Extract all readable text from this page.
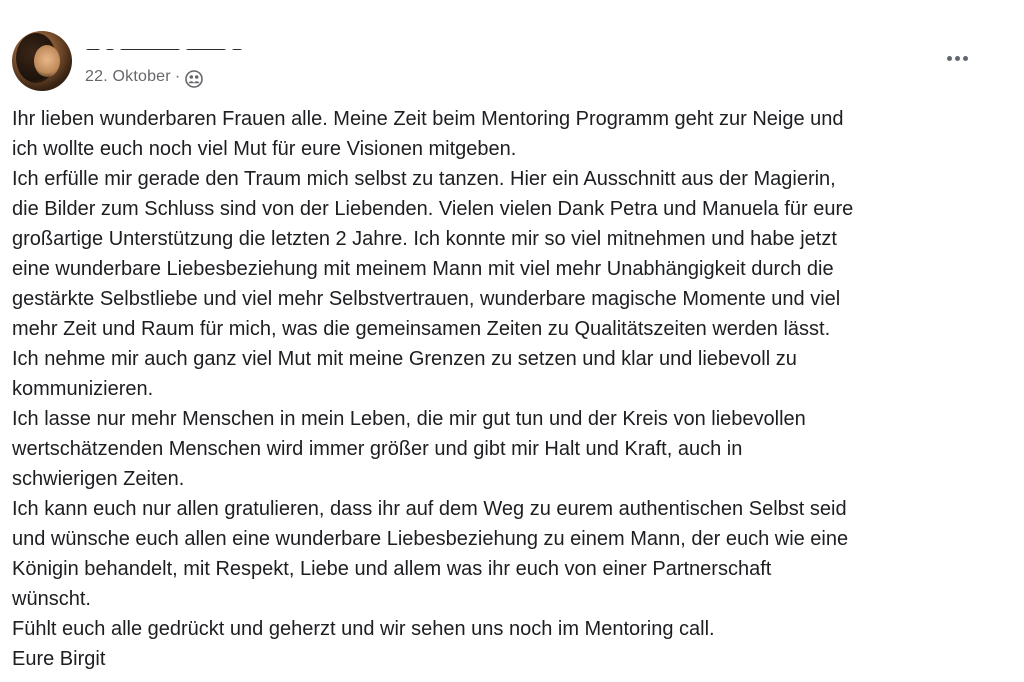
22. Oktober ·

Ihr lieben wunderbaren Frauen alle. Meine Zeit beim Mentoring Programm geht zur Neige und

ich wollte euch noch viel Mut für eure Visionen mitgeben.

Ich erfülle mir gerade den Traum mich selbst zu tanzen. Hier ein Ausschnitt aus der Magierin,

die Bilder zum Schluss sind von der Liebenden. Vielen vielen Dank Petra und Manuela für eure

großartige Unterstützung die letzten 2 Jahre. Ich konnte mir so viel mitnehmen und habe jetzt

eine wunderbare Liebesbeziehung mit meinem Mann mit viel mehr Unabhängigkeit durch die

gestärkte Selbstliebe und viel mehr Selbstvertrauen, wunderbare magische Momente und viel

mehr Zeit und Raum für mich, was die gemeinsamen Zeiten zu Qualitätszeiten werden lässt.

Ich nehme mir auch ganz viel Mut mit meine Grenzen zu setzen und klar und liebevoll zu

kommunizieren.

Ich lasse nur mehr Menschen in mein Leben, die mir gut tun und der Kreis von liebevollen

wertschätzenden Menschen wird immer größer und gibt mir Halt und Kraft, auch in

schwierigen Zeiten.

Ich kann euch nur allen gratulieren, dass ihr auf dem Weg zu eurem authentischen Selbst seid

und wünsche euch allen eine wunderbare Liebesbeziehung zu einem Mann, der euch wie eine

Königin behandelt, mit Respekt, Liebe und allem was ihr euch von einer Partnerschaft

wünscht.

Fühlt euch alle gedrückt und geherzt und wir sehen uns noch im Mentoring call.

Eure Birgit
